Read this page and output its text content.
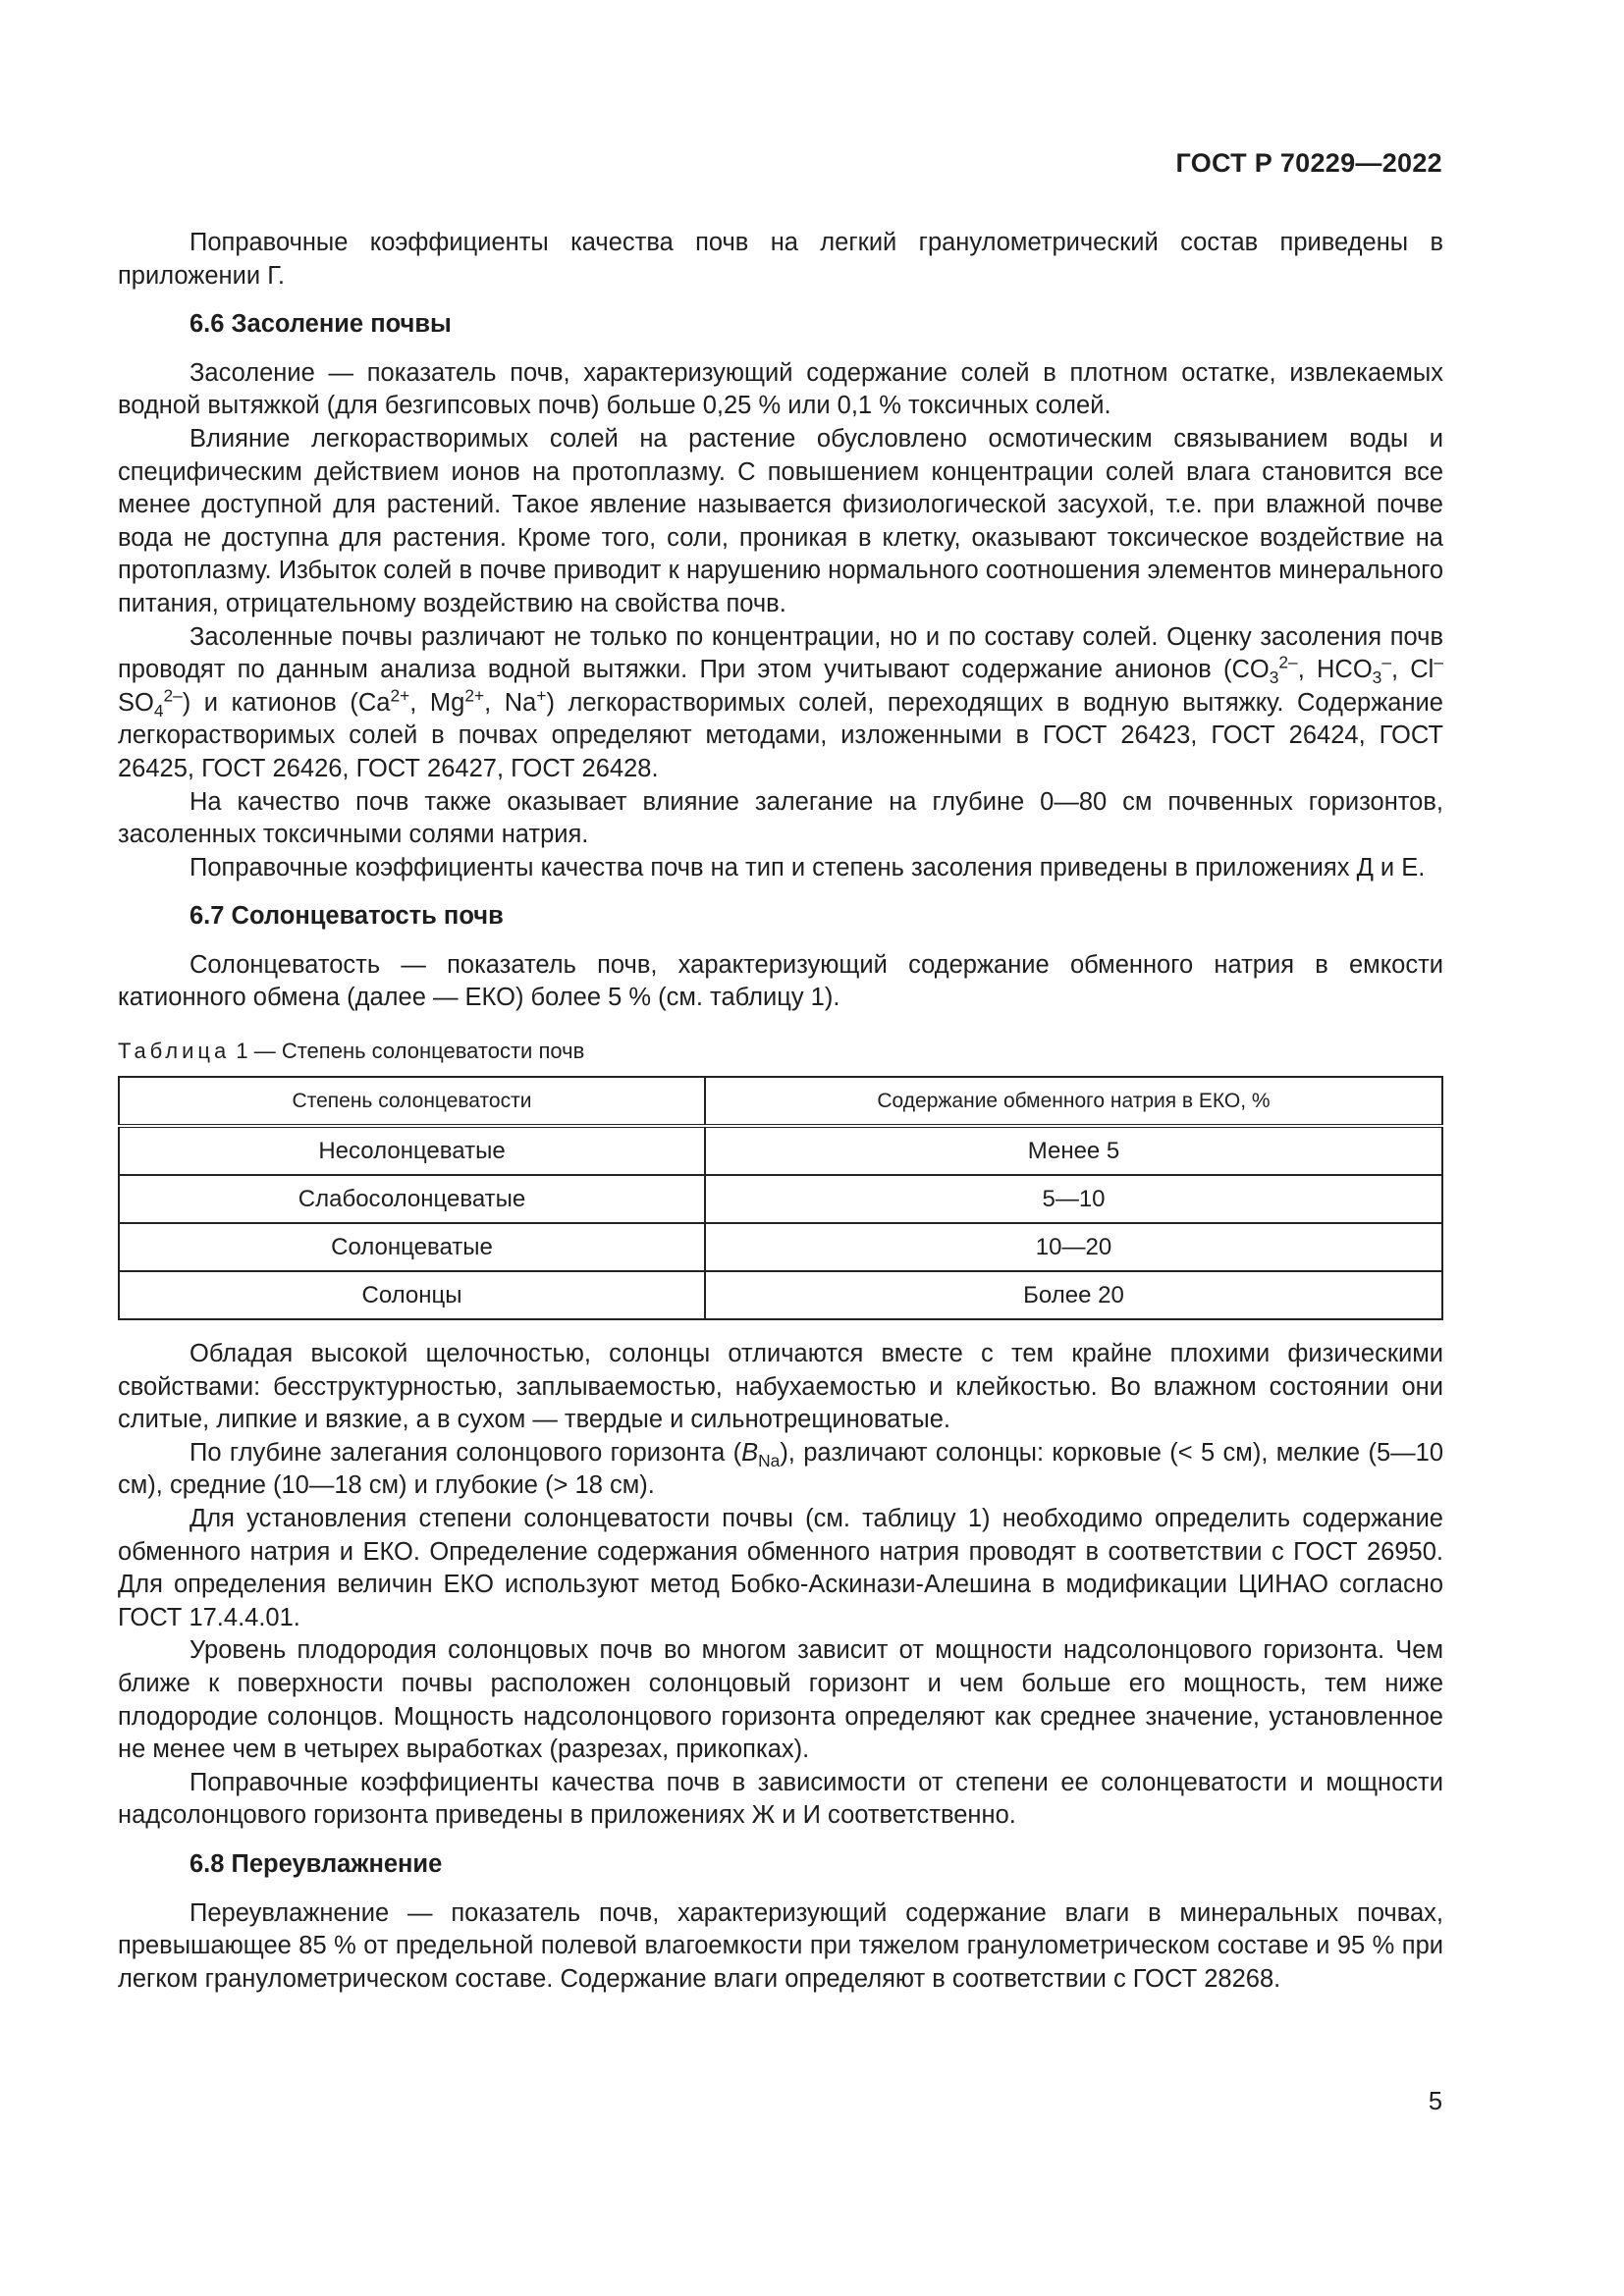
ГОСТ Р 70229—2022

Поправочные коэффициенты качества почв на легкий гранулометрический состав приведены в приложении Г.

6.6 Засоление почвы

Засоление — показатель почв, характеризующий содержание солей в плотном остатке, извлекаемых водной вытяжкой (для безгипсовых почв) больше 0,25 % или 0,1 % токсичных солей.

Влияние легкорастворимых солей на растение обусловлено осмотическим связыванием воды и специфическим действием ионов на протоплазму. С повышением концентрации солей влага становится все менее доступной для растений. Такое явление называется физиологической засухой, т.е. при влажной почве вода не доступна для растения. Кроме того, соли, проникая в клетку, оказывают токсическое воздействие на протоплазму. Избыток солей в почве приводит к нарушению нормального соотношения элементов минерального питания, отрицательному воздействию на свойства почв.

Засоленные почвы различают не только по концентрации, но и по составу солей. Оценку засоления почв проводят по данным анализа водной вытяжки. При этом учитывают содержание анионов ($CO_3^{2-}$, $HCO_3^-$, Cl– $SO_4^{2-}$) и катионов ($Ca^{2+}$, $Mg^{2+}$, Na+) легкорастворимых солей, переходящих в водную вытяжку. Содержание легкорастворимых солей в почвах определяют методами, изложенными в ГОСТ 26423, ГОСТ 26424, ГОСТ 26425, ГОСТ 26426, ГОСТ 26427, ГОСТ 26428.

На качество почв также оказывает влияние залегание на глубине 0—80 см почвенных горизонтов, засоленных токсичными солями натрия.

Поправочные коэффициенты качества почв на тип и степень засоления приведены в приложениях Д и Е.

6.7 Солонцеватость почв

Солонцеватость — показатель почв, характеризующий содержание обменного натрия в емкости катионного обмена (далее — ЕКО) более 5 % (см. таблицу 1).

Таблица 1 — Степень солонцеватости почв
Степень солонцеватости	Содержание обменного натрия в ЕКО, %
Несолонцеватые	Менее 5
Слабосолонцеватые	5—10
Солонцеватые	10—20
Солонцы	Более 20

Обладая высокой щелочностью, солонцы отличаются вместе с тем крайне плохими физическими свойствами: бесструктурностью, заплываемостью, набухаемостью и клейкостью. Во влажном состоянии они слитые, липкие и вязкие, а в сухом — твердые и сильнотрещиноватые.

По глубине залегания солонцового горизонта $(B_{Na})$, различают солонцы: корковые (< 5 см), мелкие (5—10 см), средние (10—18 см) и глубокие (> 18 см).

Для установления степени солонцеватости почвы (см. таблицу 1) необходимо определить содержание обменного натрия и ЕКО. Определение содержания обменного натрия проводят в соответствии с ГОСТ 26950. Для определения величин ЕКО используют метод Бобко-Аскинази-Алешина в модификации ЦИНАО согласно ГОСТ 17.4.4.01.

Уровень плодородия солонцовых почв во многом зависит от мощности надсолонцового горизонта. Чем ближе к поверхности почвы расположен солонцовый горизонт и чем больше его мощность, тем ниже плодородие солонцов. Мощность надсолонцового горизонта определяют как среднее значение, установленное не менее чем в четырех выработках (разрезах, прикопках).

Поправочные коэффициенты качества почв в зависимости от степени ее солонцеватости и мощности надсолонцового горизонта приведены в приложениях Ж и И соответственно.

6.8 Переувлажнение

Переувлажнение — показатель почв, характеризующий содержание влаги в минеральных почвах, превышающее 85 % от предельной полевой влагоемкости при тяжелом гранулометрическом составе и 95 % при легком гранулометрическом составе. Содержание влаги определяют в соответствии с ГОСТ 28268.

5
